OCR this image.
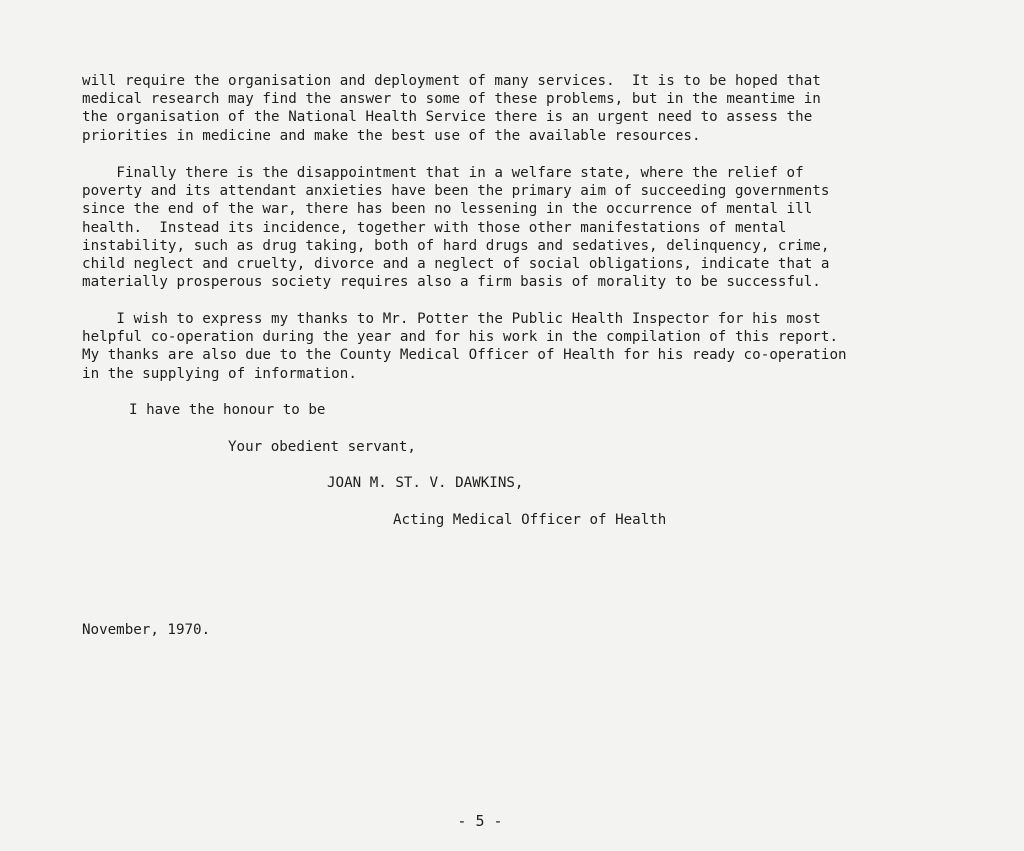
will require the organisation and deployment of many services.  It is to be hoped that
medical research may find the answer to some of these problems, but in the meantime in
the organisation of the National Health Service there is an urgent need to assess the
priorities in medicine and make the best use of the available resources.
Finally there is the disappointment that in a welfare state, where the relief of
poverty and its attendant anxieties have been the primary aim of succeeding governments
since the end of the war, there has been no lessening in the occurrence of mental ill
health.  Instead its incidence, together with those other manifestations of mental
instability, such as drug taking, both of hard drugs and sedatives, delinquency, crime,
child neglect and cruelty, divorce and a neglect of social obligations, indicate that a
materially prosperous society requires also a firm basis of morality to be successful.
I wish to express my thanks to Mr. Potter the Public Health Inspector for his most
helpful co-operation during the year and for his work in the compilation of this report.
My thanks are also due to the County Medical Officer of Health for his ready co-operation
in the supplying of information.
I have the honour to be
Your obedient servant,
JOAN M. ST. V. DAWKINS,
Acting Medical Officer of Health
November, 1970.
- 5 -
